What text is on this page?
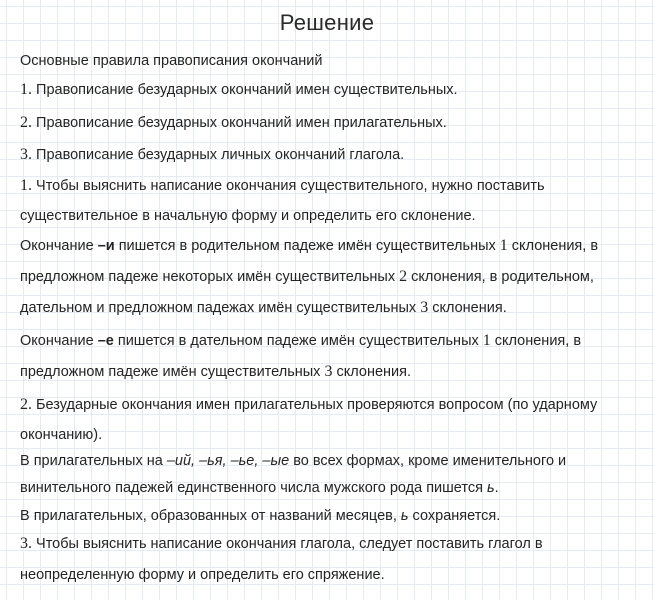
Решение
Основные правила правописания окончаний
1. Правописание безударных окончаний имен существительных.
2. Правописание безударных окончаний имен прилагательных.
3. Правописание безударных личных окончаний глагола.
1. Чтобы выяснить написание окончания существительного, нужно поставить
существительное в начальную форму и определить его склонение.
Окончание –и пишется в родительном падеже имён существительных 1 склонения, в
предложном падеже некоторых имён существительных 2 склонения, в родительном,
дательном и предложном падежах имён существительных 3 склонения.
Окончание –е пишется в дательном падеже имён существительных 1 склонения, в
предложном падеже имён существительных 3 склонения.
2. Безударные окончания имен прилагательных проверяются вопросом (по ударному
окончанию).
В прилагательных на –ий, –ья, –ье, –ые во всех формах, кроме именительного и
винительного падежей единственного числа мужского рода пишется ь.
В прилагательных, образованных от названий месяцев, ь сохраняется.
3. Чтобы выяснить написание окончания глагола, следует поставить глагол в
неопределенную форму и определить его спряжение.
